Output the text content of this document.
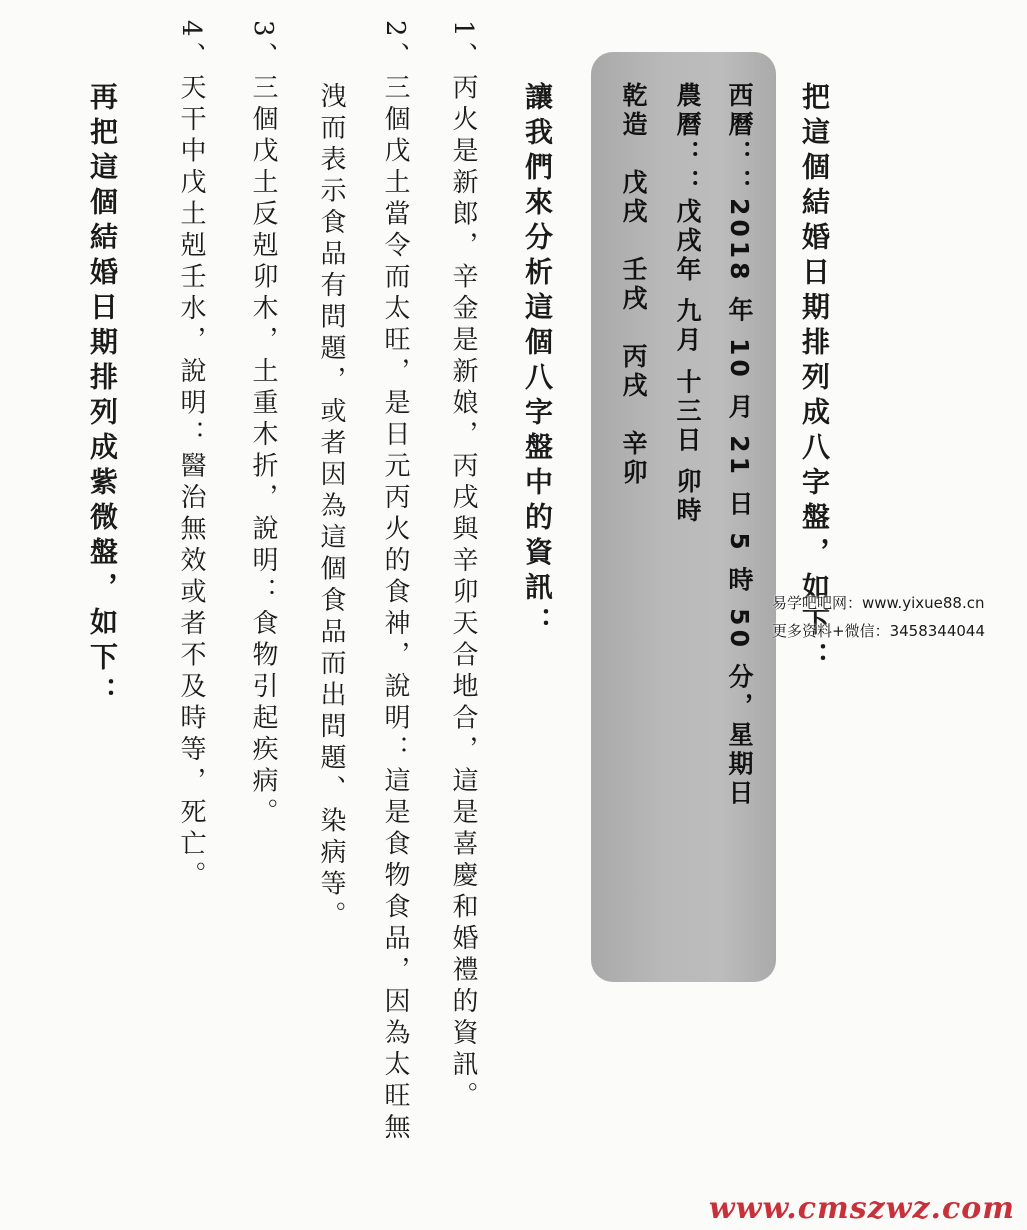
把這個結婚日期排列成八字盤，如下：
西曆：：2018 年 10 月 21 日 5 時 50 分，星期日
農曆：：戊戌年 九月 十三日 卯時
乾造　戊戌　壬戌　丙戌　辛卯
讓我們來分析這個八字盤中的資訊：
1、丙火是新郎，辛金是新娘，丙戌與辛卯天合地合，這是喜慶和婚禮的資訊。
2、三個戊土當令而太旺，是日元丙火的食神，說明：這是食物食品，因為太旺無
洩而表示食品有問題，或者因為這個食品而出問題、染病等。
3、三個戊土反剋卯木，土重木折，說明：食物引起疾病。
4、天干中戊土剋壬水，說明：醫治無效或者不及時等，死亡。
再把這個結婚日期排列成紫微盤，如下：	易学吧吧网：www.yixue88.cn
更多资料+微信：3458344044
www.cmszwz.com
